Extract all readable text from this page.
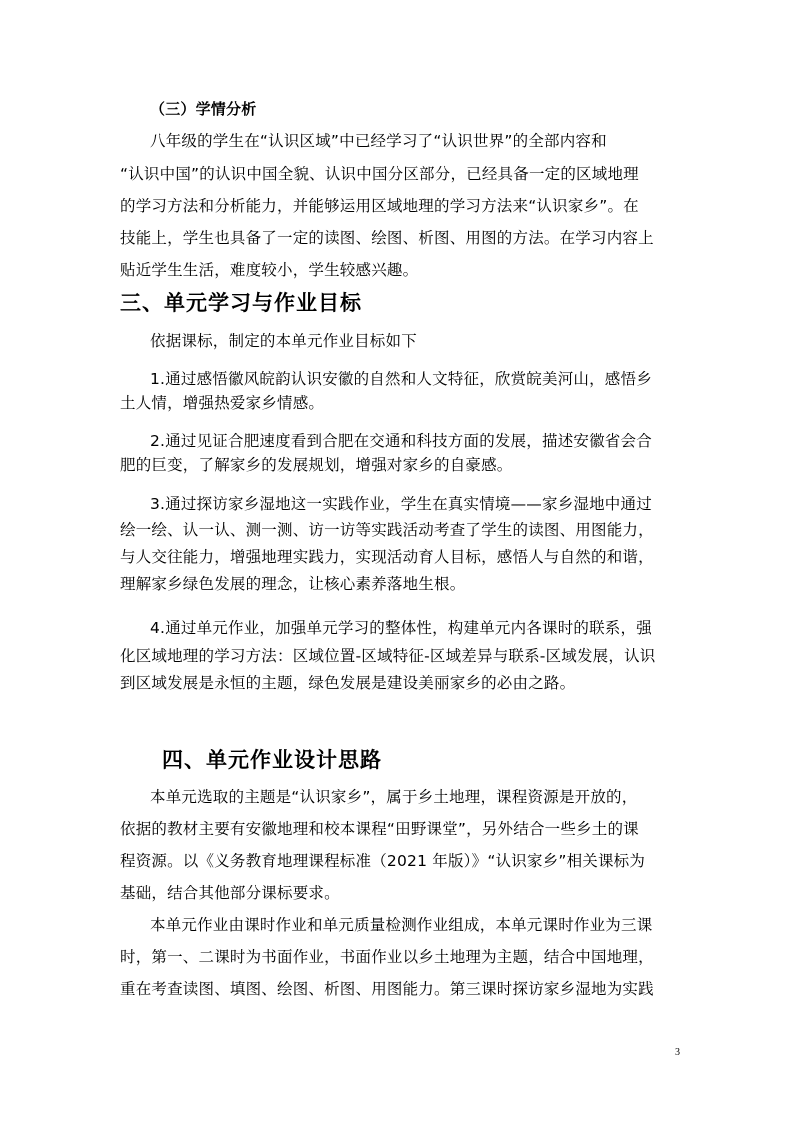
（三）学情分析
八年级的学生在“认识区域”中已经学习了“认识世界”的全部内容和
“认识中国”的认识中国全貌、认识中国分区部分，已经具备一定的区域地理
的学习方法和分析能力，并能够运用区域地理的学习方法来“认识家乡”。在
技能上，学生也具备了一定的读图、绘图、析图、用图的方法。在学习内容上
贴近学生生活，难度较小，学生较感兴趣。
三、单元学习与作业目标
依据课标，制定的本单元作业目标如下
1.通过感悟徽风皖韵认识安徽的自然和人文特征，欣赏皖美河山，感悟乡
土人情，增强热爱家乡情感。
2.通过见证合肥速度看到合肥在交通和科技方面的发展，描述安徽省会合
肥的巨变，了解家乡的发展规划，增强对家乡的自豪感。
3.通过探访家乡湿地这一实践作业，学生在真实情境——家乡湿地中通过
绘一绘、认一认、测一测、访一访等实践活动考查了学生的读图、用图能力，
与人交往能力，增强地理实践力，实现活动育人目标，感悟人与自然的和谐，
理解家乡绿色发展的理念，让核心素养落地生根。
4.通过单元作业，加强单元学习的整体性，构建单元内各课时的联系，强
化区域地理的学习方法：区域位置-区域特征-区域差异与联系-区域发展，认识
到区域发展是永恒的主题，绿色发展是建设美丽家乡的必由之路。
四、单元作业设计思路
本单元选取的主题是“认识家乡”，属于乡土地理，课程资源是开放的，
依据的教材主要有安徽地理和校本课程“田野课堂”，另外结合一些乡土的课
程资源。以《义务教育地理课程标准（2021 年版）》“认识家乡”相关课标为
基础，结合其他部分课标要求。
本单元作业由课时作业和单元质量检测作业组成，本单元课时作业为三课
时，第一、二课时为书面作业，书面作业以乡土地理为主题，结合中国地理，
重在考查读图、填图、绘图、析图、用图能力。第三课时探访家乡湿地为实践
3
